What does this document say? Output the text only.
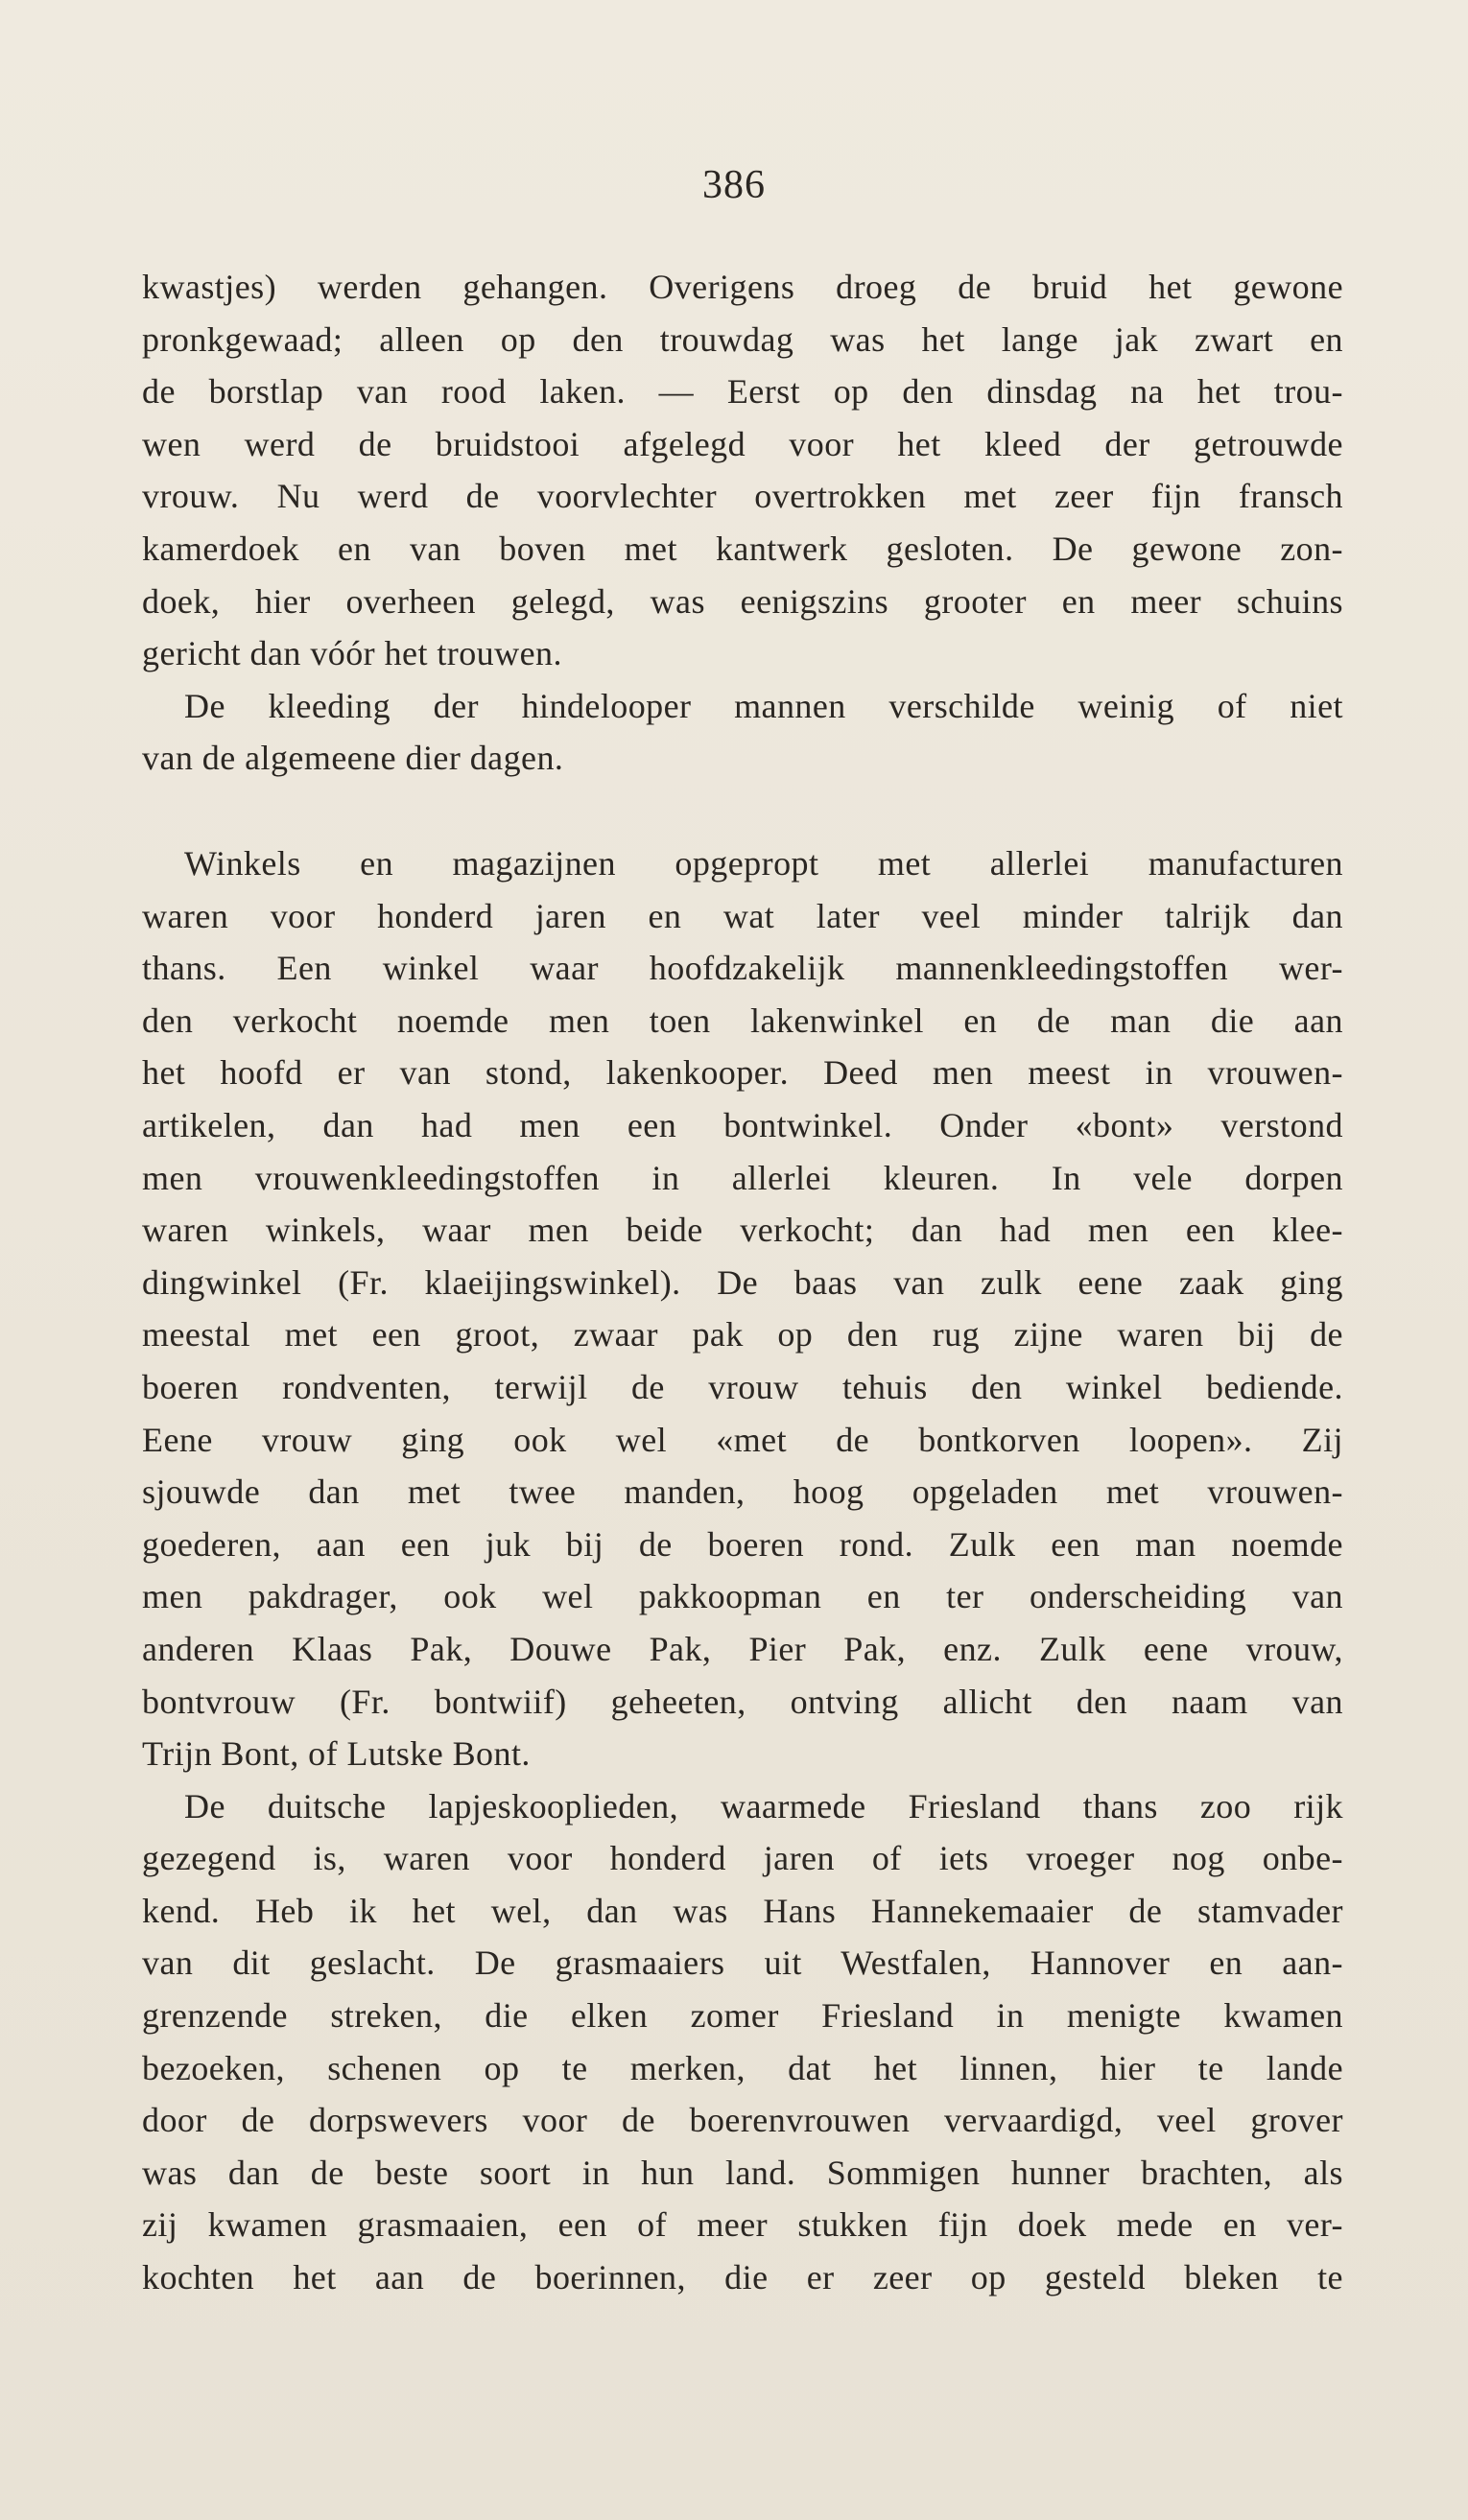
386
kwastjes) werden gehangen. Overigens droeg de bruid het gewone
pronkgewaad; alleen op den trouwdag was het lange jak zwart en
de borstlap van rood laken. — Eerst op den dinsdag na het trou-
wen werd de bruidstooi afgelegd voor het kleed der getrouwde
vrouw. Nu werd de voorvlechter overtrokken met zeer fijn fransch
kamerdoek en van boven met kantwerk gesloten. De gewone zon-
doek, hier overheen gelegd, was eenigszins grooter en meer schuins
gericht dan vóór het trouwen.
De kleeding der hindelooper mannen verschilde weinig of niet
van de algemeene dier dagen.
Winkels en magazijnen opgepropt met allerlei manufacturen
waren voor honderd jaren en wat later veel minder talrijk dan
thans. Een winkel waar hoofdzakelijk mannenkleedingstoffen wer-
den verkocht noemde men toen lakenwinkel en de man die aan
het hoofd er van stond, lakenkooper. Deed men meest in vrouwen-
artikelen, dan had men een bontwinkel. Onder «bont» verstond
men vrouwenkleedingstoffen in allerlei kleuren. In vele dorpen
waren winkels, waar men beide verkocht; dan had men een klee-
dingwinkel (Fr. klaeijingswinkel). De baas van zulk eene zaak ging
meestal met een groot, zwaar pak op den rug zijne waren bij de
boeren rondventen, terwijl de vrouw tehuis den winkel bediende.
Eene vrouw ging ook wel «met de bontkorven loopen». Zij
sjouwde dan met twee manden, hoog opgeladen met vrouwen-
goederen, aan een juk bij de boeren rond. Zulk een man noemde
men pakdrager, ook wel pakkoopman en ter onderscheiding van
anderen Klaas Pak, Douwe Pak, Pier Pak, enz. Zulk eene vrouw,
bontvrouw (Fr. bontwiif) geheeten, ontving allicht den naam van
Trijn Bont, of Lutske Bont.
De duitsche lapjeskooplieden, waarmede Friesland thans zoo rijk
gezegend is, waren voor honderd jaren of iets vroeger nog onbe-
kend. Heb ik het wel, dan was Hans Hannekemaaier de stamvader
van dit geslacht. De grasmaaiers uit Westfalen, Hannover en aan-
grenzende streken, die elken zomer Friesland in menigte kwamen
bezoeken, schenen op te merken, dat het linnen, hier te lande
door de dorpswevers voor de boerenvrouwen vervaardigd, veel grover
was dan de beste soort in hun land. Sommigen hunner brachten, als
zij kwamen grasmaaien, een of meer stukken fijn doek mede en ver-
kochten het aan de boerinnen, die er zeer op gesteld bleken te
